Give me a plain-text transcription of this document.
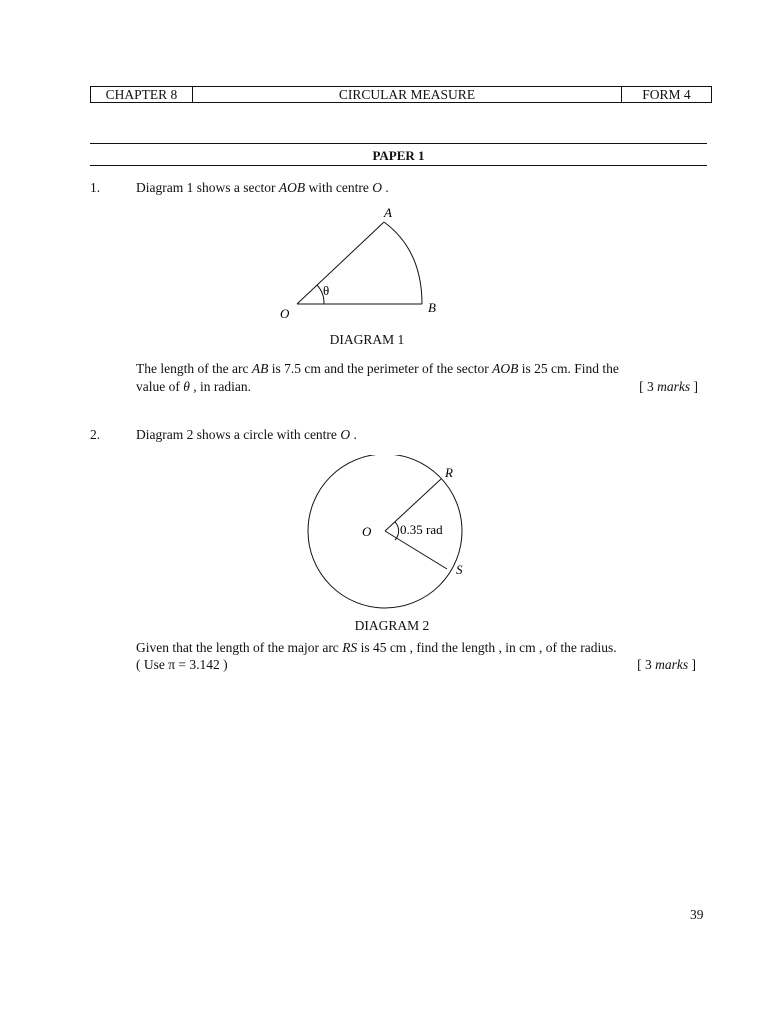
CHAPTER 8	CIRCULAR MEASURE	FORM 4
PAPER 1
1.	Diagram 1 shows a sector AOB with centre O .
A
B
O
θ
DIAGRAM 1
The length of the arc AB is 7.5 cm and the perimeter of the sector AOB is 25 cm. Find the
value of θ , in radian.	[ 3 marks ]
2.	Diagram 2 shows a circle with centre O .
R
S
O 0.35 rad
DIAGRAM 2
Given that the length of the major arc RS is 45 cm , find the length , in cm , of the radius.
( Use π = 3.142 )	[ 3 marks ]
39
